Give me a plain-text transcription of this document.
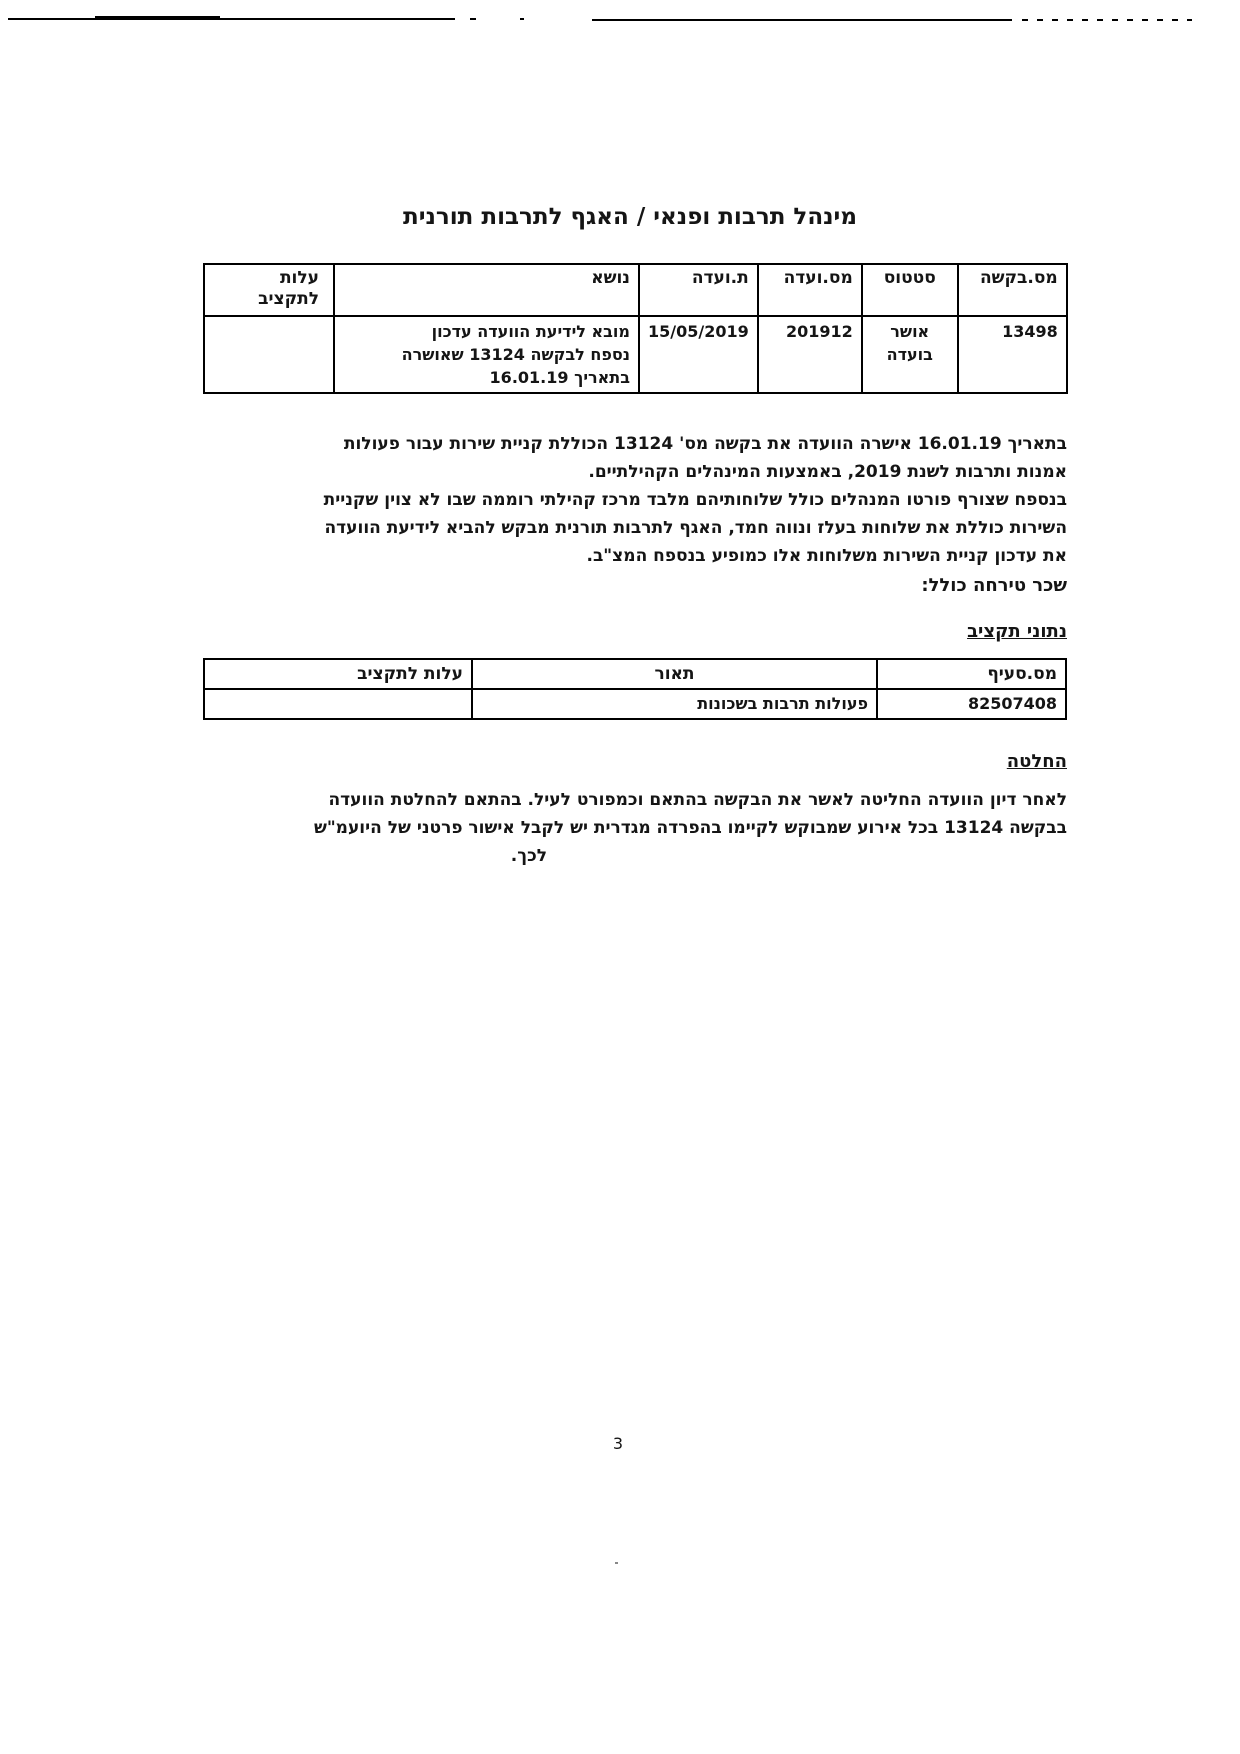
מינהל תרבות ופנאי / האגף לתרבות תורנית
מס.בקשה	סטטוס	מס.ועדה	ת.ועדה	נושא	עלות לתקציב
13498	אושר בועדה	201912	15/05/2019	מובא לידיעת הוועדה עדכון
נספח לבקשה 13124 שאושרה
בתאריך 16.01.19	

בתאריך 16.01.19 אישרה הוועדה את בקשה מס' 13124 הכוללת קניית שירות עבור פעולות
אמנות ותרבות לשנת 2019, באמצעות המינהלים הקהילתיים.
בנספח שצורף פורטו המנהלים כולל שלוחותיהם מלבד מרכז קהילתי רוממה שבו לא צוין שקניית
השירות כוללת את שלוחות בעלז ונווה חמד, האגף לתרבות תורנית מבקש להביא לידיעת הוועדה
את עדכון קניית השירות משלוחות אלו כמופיע בנספח המצ"ב.
שכר טירחה כולל:
נתוני תקציב
מס.סעיף	תאור	עלות לתקציב
82507408	פעולות תרבות בשכונות	
החלטה
לאחר דיון הוועדה החליטה לאשר את הבקשה בהתאם וכמפורט לעיל. בהתאם להחלטת הוועדה
בבקשה 13124 בכל אירוע שמבוקש לקיימו בהפרדה מגדרית יש לקבל אישור פרטני של היועמ"ש
לכך.
3
